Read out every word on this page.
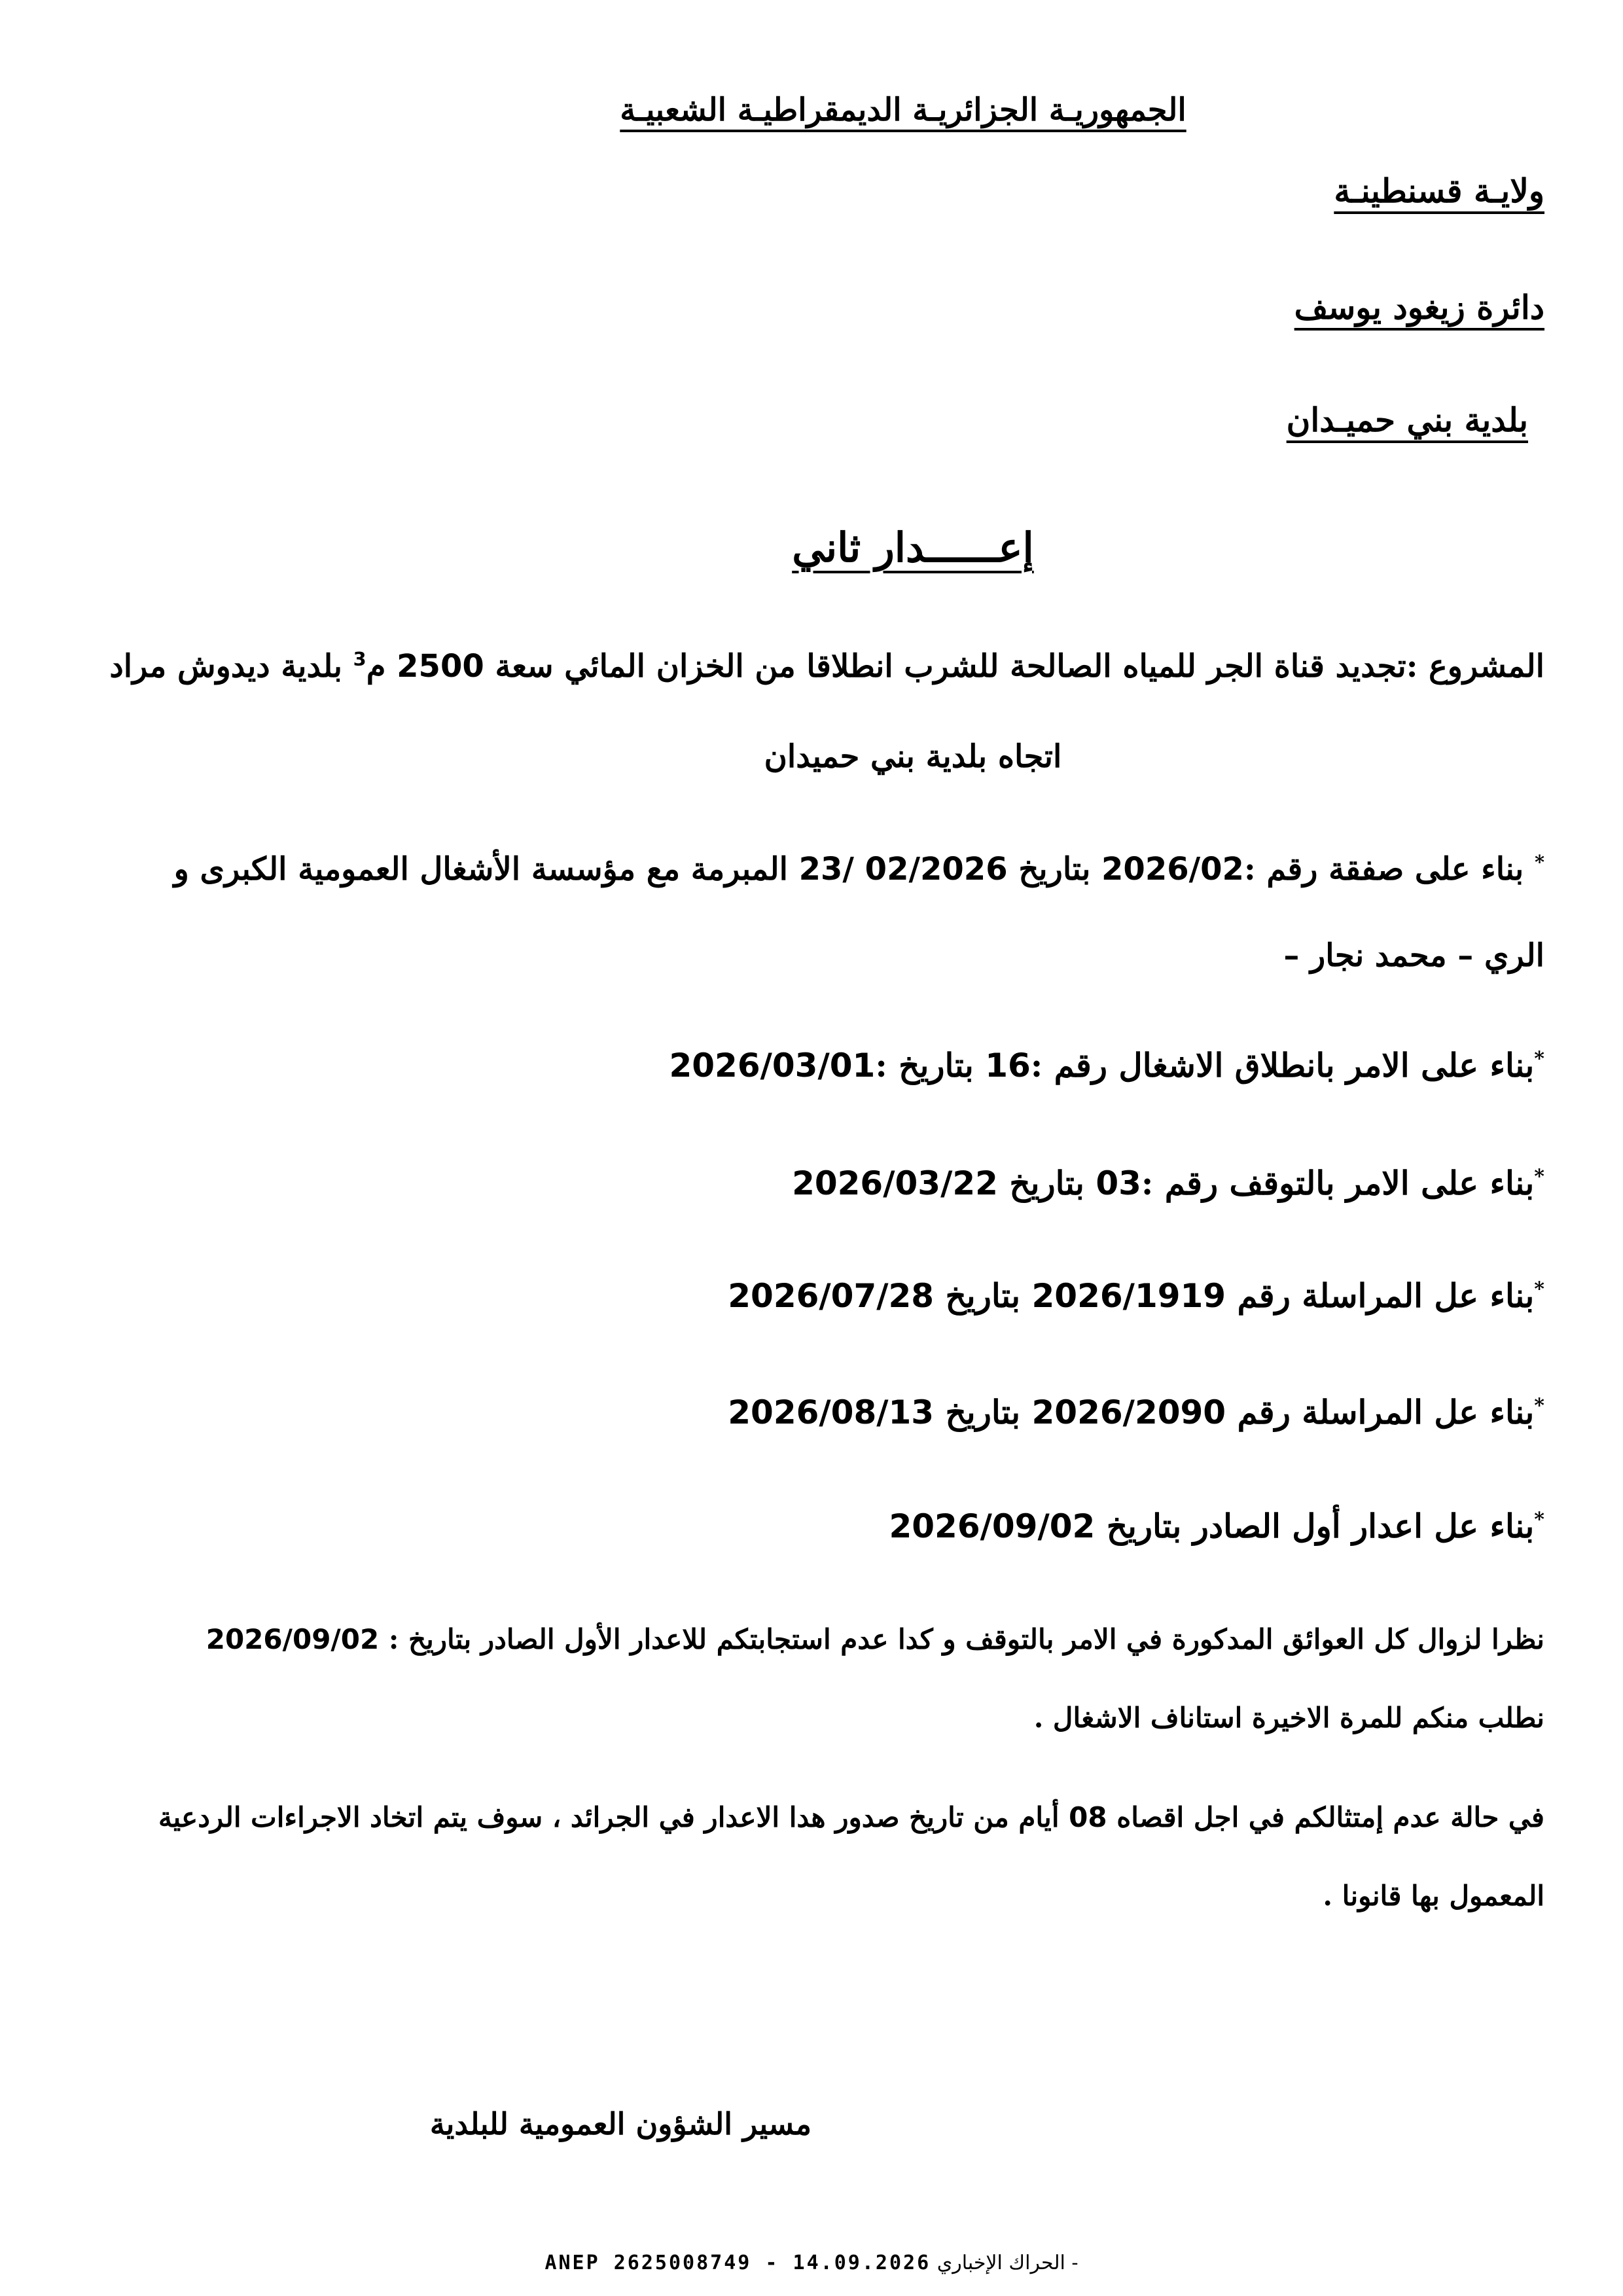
الجمهوريـة الجزائريـة الديمقراطيـة الشعبيـة
ولايـة قسنطينـة
دائرة زيغود يوسف
بلدية بني حميـدان
إعــــــدار ثاني
المشروع :تجديد قناة الجر للمياه الصالحة للشرب انطلاقا من الخزان المائي سعة 2500 م$^3$ بلدية ديدوش مراد
اتجاه بلدية بني حميدان
* بناء على صفقة رقم :2026/02 بتاريخ 23/ 02/2026 المبرمة مع مؤسسة الأشغال العمومية الكبرى و
الري – محمد نجار –
*بناء على الامر بانطلاق الاشغال رقم :16 بتاريخ :2026/03/01
*بناء على الامر بالتوقف رقم :03 بتاريخ 2026/03/22
*بناء عل المراسلة رقم 2026/1919 بتاريخ 2026/07/28
*بناء عل المراسلة رقم 2026/2090 بتاريخ 2026/08/13
*بناء عل اعدار أول الصادر بتاريخ 2026/09/02
نظرا لزوال كل العوائق المدكورة في الامر بالتوقف و كدا عدم استجابتكم للاعدار الأول الصادر بتاريخ : 2026/09/02
نطلب منكم للمرة الاخيرة استاناف الاشغال .
في حالة عدم إمتثالكم في اجل اقصاه 08 أيام من تاريخ صدور هدا الاعدار في الجرائد ، سوف يتم اتخاد الاجراءات الردعية
المعمول بها قانونا .
مسير الشؤون العمومية للبلدية
ANEP 2625008749 - 14.09.2026 - الحراك الإخباري
